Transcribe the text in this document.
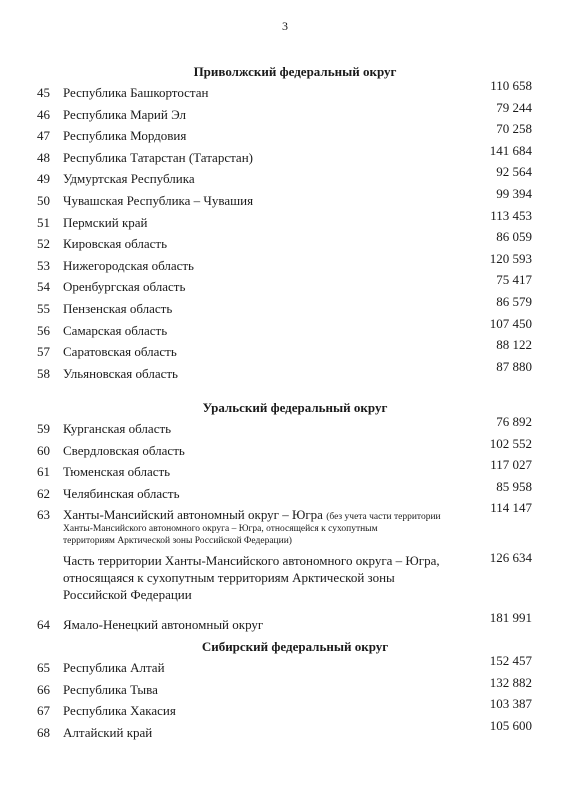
3
Приволжский федеральный округ
45	Республика Башкортостан	110 658
46	Республика Марий Эл	79 244
47	Республика Мордовия	70 258
48	Республика Татарстан (Татарстан)	141 684
49	Удмуртская Республика	92 564
50	Чувашская Республика – Чувашия	99 394
51	Пермский край	113 453
52	Кировская область	86 059
53	Нижегородская область	120 593
54	Оренбургская область	75 417
55	Пензенская область	86 579
56	Самарская область	107 450
57	Саратовская область	88 122
58	Ульяновская область	87 880
Уральский федеральный округ
59	Курганская область	76 892
60	Свердловская область	102 552
61	Тюменская область	117 027
62	Челябинская область	85 958
63	Ханты-Мансийский автономный округ – Югра (без учета части территории
Ханты-Мансийского автономного округа – Югра, относящейся к сухопутным
территориям Арктической зоны Российской Федерации)
114 147
Часть территории Ханты-Мансийского автономного округа – Югра,
относящаяся к сухопутным территориям Арктической зоны
Российской Федерации
126 634
64	Ямало-Ненецкий автономный округ	181 991
Сибирский федеральный округ
65	Республика Алтай	152 457
66	Республика Тыва	132 882
67	Республика Хакасия	103 387
68	Алтайский край	105 600
